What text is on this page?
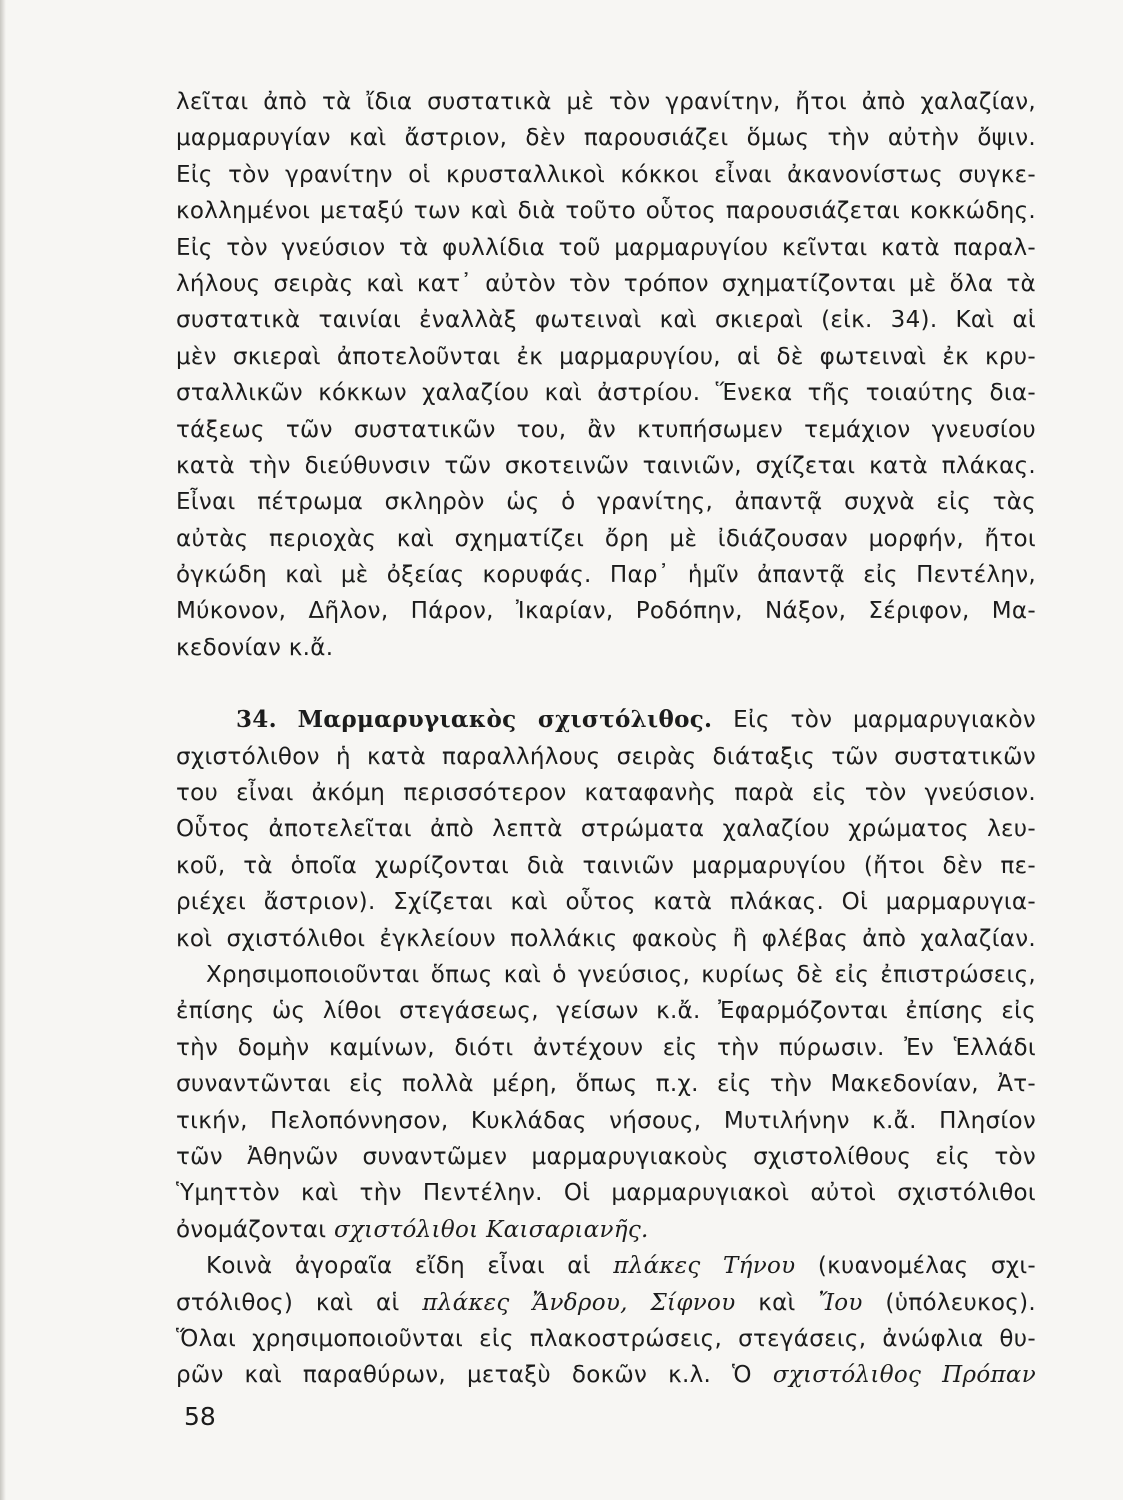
λεῖται ἀπὸ τὰ ἴδια συστατικὰ μὲ τὸν γρανίτην, ἤτοι ἀπὸ χαλαζίαν,
μαρμαρυγίαν καὶ ἄστριον, δὲν παρουσιάζει ὅμως τὴν αὐτὴν ὄψιν.
Εἰς τὸν γρανίτην οἱ κρυσταλλικοὶ κόκκοι εἶναι ἀκανονίστως συγκε-
κολλημένοι μεταξύ των καὶ διὰ τοῦτο οὗτος παρουσιάζεται κοκκώδης.
Εἰς τὸν γνεύσιον τὰ φυλλίδια τοῦ μαρμαρυγίου κεῖνται κατὰ παραλ-
λήλους σειρὰς καὶ κατ᾽ αὐτὸν τὸν τρόπον σχηματίζονται μὲ ὅλα τὰ
συστατικὰ ταινίαι ἐναλλὰξ φωτειναὶ καὶ σκιεραὶ (εἰκ. 34). Καὶ αἱ
μὲν σκιεραὶ ἀποτελοῦνται ἐκ μαρμαρυγίου, αἱ δὲ φωτειναὶ ἐκ κρυ-
σταλλικῶν κόκκων χαλαζίου καὶ ἀστρίου. Ἕνεκα τῆς τοιαύτης δια-
τάξεως τῶν συστατικῶν του, ἂν κτυπήσωμεν τεμάχιον γνευσίου
κατὰ τὴν διεύθυνσιν τῶν σκοτεινῶν ταινιῶν, σχίζεται κατὰ πλάκας.
Εἶναι πέτρωμα σκληρὸν ὡς ὁ γρανίτης, ἀπαντᾷ συχνὰ εἰς τὰς
αὐτὰς περιοχὰς καὶ σχηματίζει ὄρη μὲ ἰδιάζουσαν μορφήν, ἤτοι
ὀγκώδη καὶ μὲ ὀξείας κορυφάς. Παρ᾽ ἡμῖν ἀπαντᾷ εἰς Πεντέλην,
Μύκονον, Δῆλον, Πάρον, Ἰκαρίαν, Ροδόπην, Νάξον, Σέριφον, Μα-
κεδονίαν κ.ἄ.
34. Μαρμαρυγιακὸς σχιστόλιθος. Εἰς τὸν μαρμαρυγιακὸν
σχιστόλιθον ἡ κατὰ παραλλήλους σειρὰς διάταξις τῶν συστατικῶν
του εἶναι ἀκόμη περισσότερον καταφανὴς παρὰ εἰς τὸν γνεύσιον.
Οὗτος ἀποτελεῖται ἀπὸ λεπτὰ στρώματα χαλαζίου χρώματος λευ-
κοῦ, τὰ ὁποῖα χωρίζονται διὰ ταινιῶν μαρμαρυγίου (ἤτοι δὲν πε-
ριέχει ἄστριον). Σχίζεται καὶ οὗτος κατὰ πλάκας. Οἱ μαρμαρυγια-
κοὶ σχιστόλιθοι ἐγκλείουν πολλάκις φακοὺς ἢ φλέβας ἀπὸ χαλαζίαν.
Χρησιμοποιοῦνται ὅπως καὶ ὁ γνεύσιος, κυρίως δὲ εἰς ἐπιστρώσεις,
ἐπίσης ὡς λίθοι στεγάσεως, γείσων κ.ἄ. Ἐφαρμόζονται ἐπίσης εἰς
τὴν δομὴν καμίνων, διότι ἀντέχουν εἰς τὴν πύρωσιν. Ἐν Ἑλλάδι
συναντῶνται εἰς πολλὰ μέρη, ὅπως π.χ. εἰς τὴν Μακεδονίαν, Ἀτ-
τικήν, Πελοπόννησον, Κυκλάδας νήσους, Μυτιλήνην κ.ἄ. Πλησίον
τῶν Ἀθηνῶν συναντῶμεν μαρμαρυγιακοὺς σχιστολίθους εἰς τὸν
Ὑμηττὸν καὶ τὴν Πεντέλην. Οἱ μαρμαρυγιακοὶ αὐτοὶ σχιστόλιθοι
ὀνομάζονται σχιστόλιθοι Καισαριανῆς.
Κοινὰ ἀγοραῖα εἴδη εἶναι αἱ πλάκες Τήνου (κυανομέλας σχι-
στόλιθος) καὶ αἱ πλάκες Ἄνδρου, Σίφνου καὶ Ἴου (ὑπόλευκος).
Ὅλαι χρησιμοποιοῦνται εἰς πλακοστρώσεις, στεγάσεις, ἀνώφλια θυ-
ρῶν καὶ παραθύρων, μεταξὺ δοκῶν κ.λ. Ὁ σχιστόλιθος Πρόπαν
58
